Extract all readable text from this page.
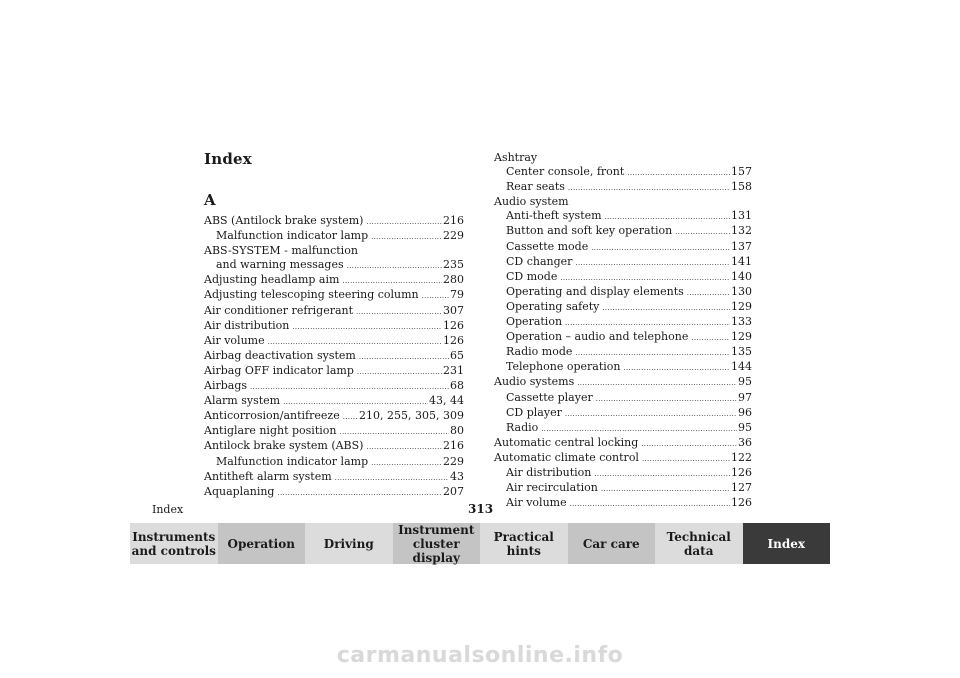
Index
A
ABS (Antilock brake system) .....	216
Malfunction indicator lamp .....	229
ABS-SYSTEM - malfunction
and warning messages .....	235
Adjusting headlamp aim .....	280
Adjusting telescoping steering column .....	79
Air conditioner refrigerant .....	307
Air distribution .....	126
Air volume .....	126
Airbag deactivation system .....	65
Airbag OFF indicator lamp .....	231
Airbags .....	68
Alarm system .....	43, 44
Anticorrosion/antifreeze ..... 210, 255, 305, 309
Antiglare night position .....	80
Antilock brake system (ABS) .....	216
Malfunction indicator lamp .....	229
Antitheft alarm system .....	43
Aquaplaning .....	207
Ashtray
Center console, front .....	157
Rear seats .....	158
Audio system
Anti-theft system .....	131
Button and soft key operation .....	132
Cassette mode .....	137
CD changer .....	141
CD mode .....	140
Operating and display elements .....	130
Operating safety .....	129
Operation .....	133
Operation – audio and telephone .....	129
Radio mode .....	135
Telephone operation .....	144
Audio systems .....	95
Cassette player .....	97
CD player .....	96
Radio .....	95
Automatic central locking .....	36
Automatic climate control .....	122
Air distribution .....	126
Air recirculation .....	127
Air volume .....	126
Index	313
Instruments
and controls Operation	Driving
Instrument
cluster display
Practical hints	Car care	Technical
data	Index
carmanualsonline.info
